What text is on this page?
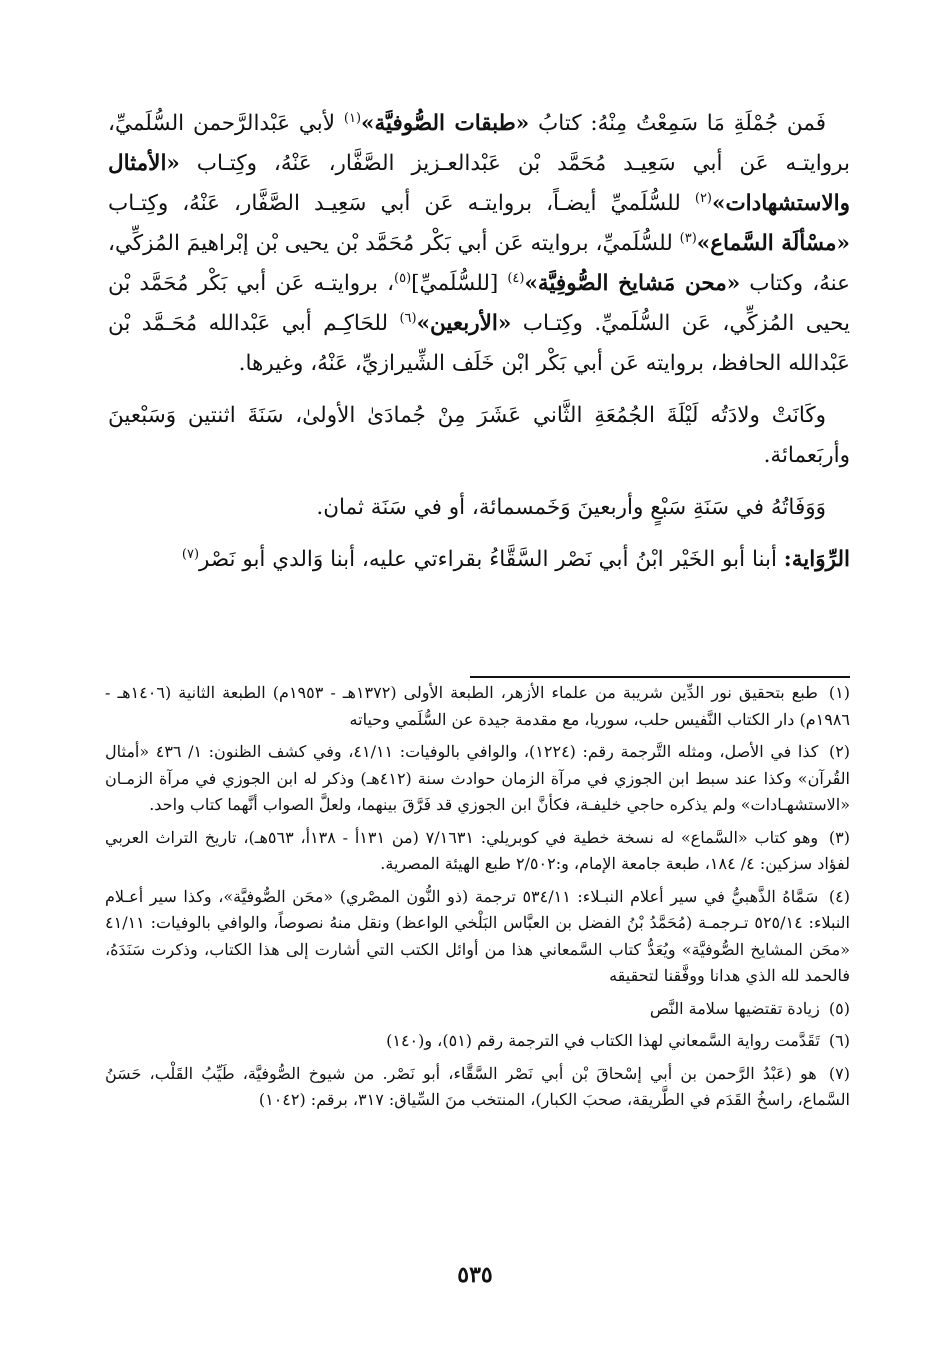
فَمن جُمْلَةِ مَا سَمِعْتُ مِنْهُ: كتابُ «طبقات الصُّوفيَّة»$^{(١)}$ لأبي عَبْدالرَّحمن السُّلَميِّ، بروايتـه عَن أبي سَعِيـد مُحَمَّد بْن عَبْدالعـزيز الصَّفَّار، عَنْهُ، وكِتـاب «الأمثال والاستشهادات»$^{(٢)}$ للسُّلَميِّ أيضـاً، بروايتـه عَن أبي سَعِيـد الصَّفَّار، عَنْهُ، وكِتـاب «مسْألَة السَّماع»$^{(٣)}$ للسُّلَميِّ، بروايته عَن أبي بَكْر مُحَمَّد بْن يحيى بْن إبْراهيمَ المُزكِّي، عنهُ، وكتاب «محن مَشايخ الصُّوفِيَّة»$^{(٤)}$ [للسُّلَميِّ]$^{(٥)}$، بروايتـه عَن أبي بَكْر مُحَمَّد بْن يحيى المُزكِّي، عَن السُّلَميِّ. وكِتـاب «الأربعين»$^{(٦)}$ للحَاكِـم أبي عَبْدالله مُحَـمَّد بْن عَبْدالله الحافظ، بروايته عَن أبي بَكْر ابْن خَلَف الشِّيرازيِّ، عَنْهُ، وغيرها.

وكَانَتْ ولادَتُه لَيْلَةَ الجُمُعَةِ الثَّاني عَشَرَ مِنْ جُمادَىٰ الأولىٰ، سَنَةَ اثنتين وَسَبْعينَ وأربَعمائة.

وَوَفَاتُهُ في سَنَةِ سَبْعٍ وأربعينَ وَخَمسمائة، أو في سَنَة ثمان.

الرِّوَاية: أبنا أبو الخَيْر ابْنُ أبي نَصْر السَّقَّاءُ بقراءتي عليه، أبنا وَالدي أبو نَصْر$^{(٧)}$

(١) طبع بتحقيق نور الدِّين شريبة من علماء الأزهر، الطبعة الأولى (١٣٧٢هـ - ١٩٥٣م) الطبعة الثانية (١٤٠٦هـ - ١٩٨٦م) دار الكتاب النَّفيس حلب، سوريا، مع مقدمة جيدة عن السُّلَمي وحياته

(٢) كذا في الأصل، ومثله التَّرجمة رقم: (١٢٢٤)، والوافي بالوفيات: ٤١/١١، وفي كشف الظنون: ١/ ٤٣٦ «أمثال القُرآن» وكذا عند سبط ابن الجوزي في مرآة الزمان حوادث سنة (٤١٢هـ) وذكر له ابن الجوزي في مرآة الزمـان «الاستشهـادات» ولم يذكره حاجي خليفـة، فكأنَّ ابن الجوزي قد فَرَّقَ بينهما، ولعلَّ الصواب أنَّهما كتاب واحد.

(٣) وهو كتاب «السَّماع» له نسخة خطية في كوبريلي: ٧/١٦٣١ (من ١٣١أ - ١٣٨أ، ٥٦٣هـ)، تاريخ التراث العربي لفؤاد سزكين: ٤/ ١٨٤، طبعة جامعة الإمام، و:٢/٥٠٢ طبع الهيئة المصرية.

(٤) سَمَّاهُ الذَّهبيُّ في سير أعلام النبـلاء: ٥٣٤/١١ ترجمة (ذو النُّون المصْري) «محَن الصُّوفيَّة»، وكذا سير أعـلام النبلاء: ٥٢٥/١٤ تـرجمـة (مُحَمَّدُ بْنُ الفضل بن العبَّاس البَلْخي الواعظ) ونقل منهُ نصوصاً، والوافي بالوفيات: ٤١/١١ «محَن المشايخ الصُّوفيَّة» ويُعَدُّ كتاب السَّمعاني هذا من أوائل الكتب التي أشارت إلى هذا الكتاب، وذكرت سَنَدَهُ، فالحمد لله الذي هدانا ووفَّقنا لتحقيقه

(٥) زيادة تقتضيها سلامة النَّص

(٦) تَقَدَّمت رواية السَّمعاني لهذا الكتاب في الترجمة رقم (٥١)، و(١٤٠)

(٧) هو (عَبْدُ الرَّحمن بن أبي إسْحاقَ بْن أبي نَصْر السَّقَّاء، أبو نَصْر. من شيوخ الصُّوفيَّة، طَيِّبُ القَلْب، حَسَنُ السَّماع، راسخُ القَدَم في الطَّريقة، صحبَ الكبار)، المنتخب منَ السِّياق: ٣١٧، برقم: (١٠٤٢)

٥٣٥
